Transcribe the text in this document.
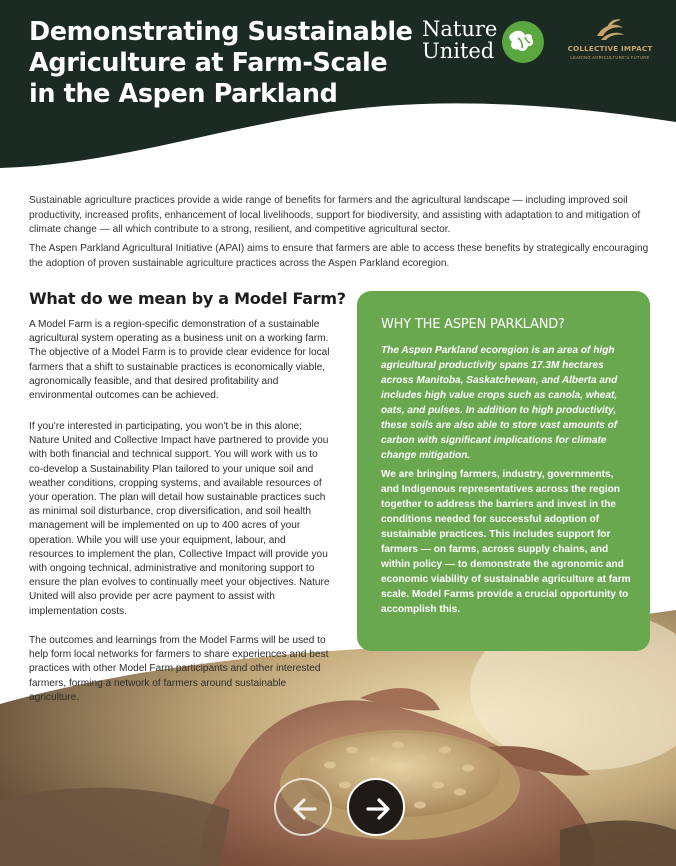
Demonstrating Sustainable
Agriculture at Farm-Scale
in the Aspen Parkland
Nature
United	COLLECTIVE IMPACT
LEADING AGRICULTURE'S FUTURE

Sustainable agriculture practices provide a wide range of benefits for farmers and the agricultural landscape — including improved soil productivity, increased profits, enhancement of local livelihoods, support for biodiversity, and assisting with adaptation to and mitigation of climate change — all which contribute to a strong, resilient, and competitive agricultural sector.

The Aspen Parkland Agricultural Initiative (APAI) aims to ensure that farmers are able to access these benefits by strategically encouraging the adoption of proven sustainable agriculture practices across the Aspen Parkland ecoregion.

What do we mean by a Model Farm?

A Model Farm is a region-specific demonstration of a sustainable agricultural system operating as a business unit on a working farm. The objective of a Model Farm is to provide clear evidence for local farmers that a shift to sustainable practices is economically viable, agronomically feasible, and that desired profitability and environmental outcomes can be achieved.

If you're interested in participating, you won't be in this alone; Nature United and Collective Impact have partnered to provide you with both financial and technical support. You will work with us to co-develop a Sustainability Plan tailored to your unique soil and weather conditions, cropping systems, and available resources of your operation. The plan will detail how sustainable practices such as minimal soil disturbance, crop diversification, and soil health management will be implemented on up to 400 acres of your operation. While you will use your equipment, labour, and resources to implement the plan, Collective Impact will provide you with ongoing technical, administrative and monitoring support to ensure the plan evolves to continually meet your objectives. Nature United will also provide per acre payment to assist with implementation costs.

The outcomes and learnings from the Model Farms will be used to help form local networks for farmers to share experiences and best practices with other Model Farm participants and other interested farmers, forming a network of farmers around sustainable agriculture.

WHY THE ASPEN PARKLAND?

The Aspen Parkland ecoregion is an area of high agricultural productivity spans 17.3M hectares across Manitoba, Saskatchewan, and Alberta and includes high value crops such as canola, wheat, oats, and pulses. In addition to high productivity, these soils are also able to store vast amounts of carbon with significant implications for climate change mitigation.

We are bringing farmers, industry, governments, and Indigenous representatives across the region together to address the barriers and invest in the conditions needed for successful adoption of sustainable practices. This includes support for farmers — on farms, across supply chains, and within policy — to demonstrate the agronomic and economic viability of sustainable agriculture at farm scale. Model Farms provide a crucial opportunity to accomplish this.
